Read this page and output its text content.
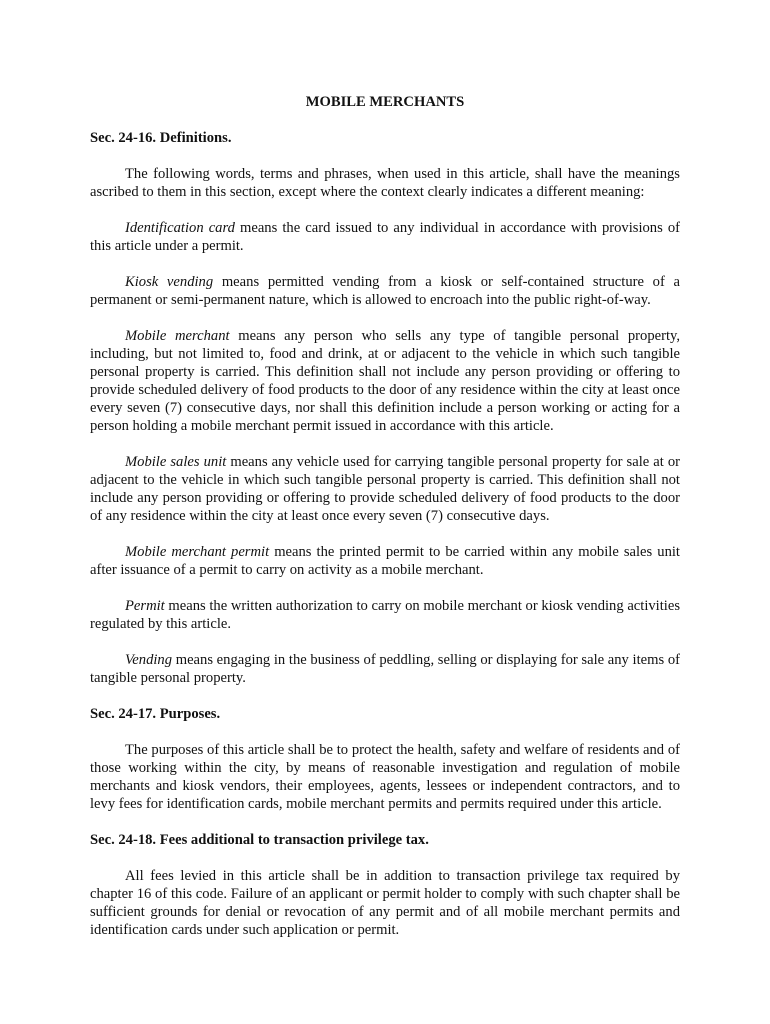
MOBILE MERCHANTS
Sec. 24-16. Definitions.

The following words, terms and phrases, when used in this article, shall have the meanings ascribed to them in this section, except where the context clearly indicates a different meaning:

Identification card means the card issued to any individual in accordance with provisions of this article under a permit.

Kiosk vending means permitted vending from a kiosk or self-contained structure of a permanent or semi-permanent nature, which is allowed to encroach into the public right-of-way.

Mobile merchant means any person who sells any type of tangible personal property, including, but not limited to, food and drink, at or adjacent to the vehicle in which such tangible personal property is carried. This definition shall not include any person providing or offering to provide scheduled delivery of food products to the door of any residence within the city at least once every seven (7) consecutive days, nor shall this definition include a person working or acting for a person holding a mobile merchant permit issued in accordance with this article.

Mobile sales unit means any vehicle used for carrying tangible personal property for sale at or adjacent to the vehicle in which such tangible personal property is carried. This definition shall not include any person providing or offering to provide scheduled delivery of food products to the door of any residence within the city at least once every seven (7) consecutive days.

Mobile merchant permit means the printed permit to be carried within any mobile sales unit after issuance of a permit to carry on activity as a mobile merchant.

Permit means the written authorization to carry on mobile merchant or kiosk vending activities regulated by this article.

Vending means engaging in the business of peddling, selling or displaying for sale any items of tangible personal property.

Sec. 24-17. Purposes.

The purposes of this article shall be to protect the health, safety and welfare of residents and of those working within the city, by means of reasonable investigation and regulation of mobile merchants and kiosk vendors, their employees, agents, lessees or independent contractors, and to levy fees for identification cards, mobile merchant permits and permits required under this article.

Sec. 24-18. Fees additional to transaction privilege tax.

All fees levied in this article shall be in addition to transaction privilege tax required by chapter 16 of this code. Failure of an applicant or permit holder to comply with such chapter shall be sufficient grounds for denial or revocation of any permit and of all mobile merchant permits and identification cards under such application or permit.
